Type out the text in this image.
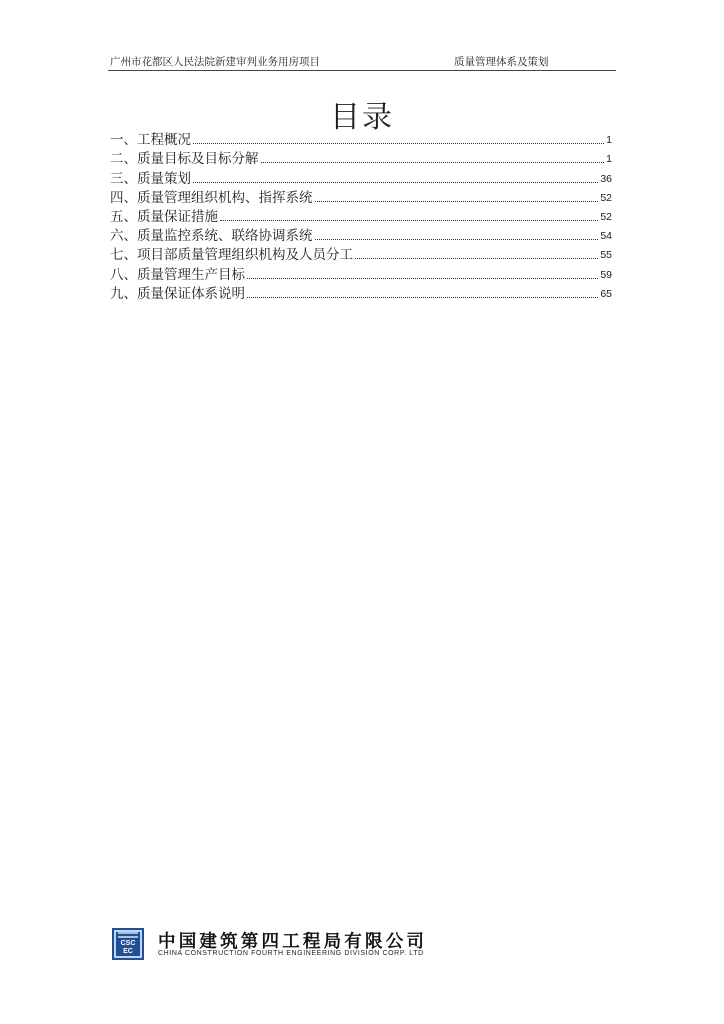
广州市花都区人民法院新建审判业务用房项目	质量管理体系及策划
目录
一、工程概况	1
二、质量目标及目标分解	1
三、质量策划	36
四、质量管理组织机构、指挥系统	52
五、质量保证措施	52
六、质量监控系统、联络协调系统	54
七、项目部质量管理组织机构及人员分工	55
八、质量管理生产目标	59
九、质量保证体系说明	65
CSC
EC 中国建筑第四工程局有限公司
CHINA CONSTRUCTION FOURTH ENGINEERING DIVISION CORP. LTD
